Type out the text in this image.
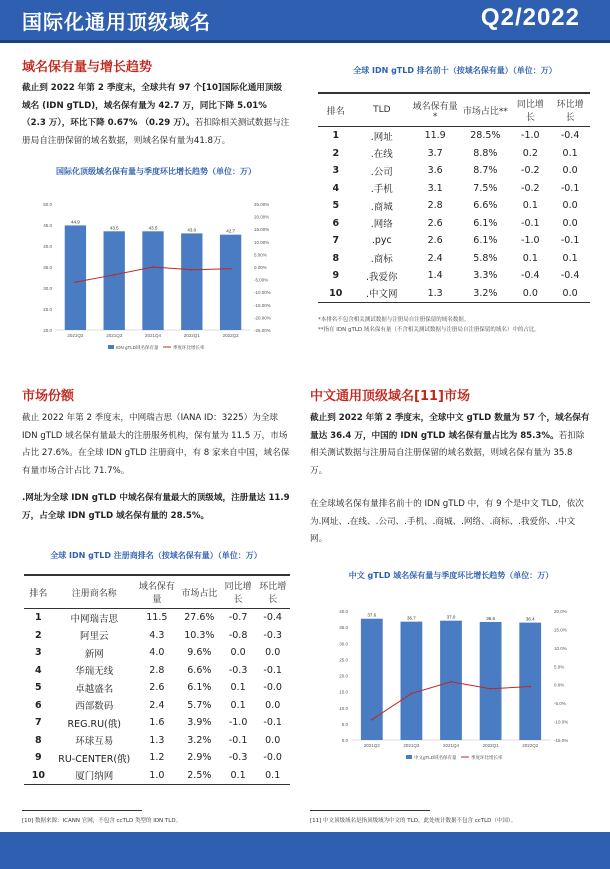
国际化通用顶级域名	Q2/2022
域名保有量与增长趋势
截止到 2022 年第 2 季度末，全球共有 97 个[10]国际化通用顶级域名 (IDN gTLD)，域名保有量为 42.7 万，同比下降 5.01% （2.3 万），环比下降 0.67% （0.29 万）。若扣除相关测试数据与注册局自注册保留的域名数据，则域名保有量为41.8万。
国际化顶级域名保有量与季度环比增长趋势（单位：万）
50.0
45.0
40.0
35.0
30.0
25.0
20.0
25.00%
20.00%
15.00%
10.00%
5.00%
0.00%
-5.00%
-10.00%
-15.00%
-20.00%
-25.00%
44.9
2021Q2
43.5
2021Q3
43.5
2021Q4
43.0
2022Q1
42.7
2022Q2
IDN gTLD域名保有量	季度环比增长率
全球 IDN gTLD 排名前十（按域名保有量）（单位：万）
排名	TLD	域名保有量*	市场占比**	同比增长	环比增长
1	.网址	11.9	28.5%	-1.0	-0.4
2	.在线	3.7	8.8%	0.2	0.1
3	.公司	3.6	8.7%	-0.2	0.0
4	.手机	3.1	7.5%	-0.2	-0.1
5	.商城	2.8	6.6%	0.1	0.0
6	.网络	2.6	6.1%	-0.1	0.0
7	.рус	2.6	6.1%	-1.0	-0.1
8	.商标	2.4	5.8%	0.1	0.1
9	.我爱你	1.4	3.3%	-0.4	-0.4
10	.中文网	1.3	3.2%	0.0	0.0
*本排名不包含相关测试数据与注册局自注册保留的域名数据。
**指在 IDN gTLD 域名保有量（不含相关测试数据与注册局自注册保留的域名）中的占比。
市场份额
截止 2022 年第 2 季度末，中网瑞吉思（IANA ID：3225）为全球 IDN gTLD 域名保有量最大的注册服务机构，保有量为 11.5 万，市场占比 27.6%。在全球 IDN gTLD 注册商中，有 8 家来自中国，域名保有量市场合计占比 71.7%。
.网址为全球 IDN gTLD 中域名保有量最大的顶级域，注册量达 11.9 万，占全球 IDN gTLD 域名保有量的 28.5%。
全球 IDN gTLD 注册商排名（按域名保有量）（单位：万）
排名	注册商名称	域名保有量	市场占比	同比增长	环比增长
1	中网瑞吉思	11.5	27.6%	-0.7	-0.4
2	阿里云	4.3	10.3%	-0.8	-0.3
3	新网	4.0	9.6%	0.0	0.0
4	华瑞无线	2.8	6.6%	-0.3	-0.1
5	卓越盛名	2.6	6.1%	0.1	-0.0
6	西部数码	2.4	5.7%	0.1	0.0
7	REG.RU(俄)	1.6	3.9%	-1.0	-0.1
8	环球互易	1.3	3.2%	-0.1	0.0
9	RU-CENTER(俄)	1.2	2.9%	-0.3	-0.0
10	厦门纳网	1.0	2.5%	0.1	0.1
中文通用顶级域名[11]市场
截止到 2022 年第 2 季度末，全球中文 gTLD 数量为 57 个，域名保有量达 36.4 万，中国的 IDN gTLD 域名保有量占比为 85.3%。若扣除相关测试数据与注册局自注册保留的域名数据，则域名保有量为 35.8 万。
在全球域名保有量排名前十的 IDN gTLD 中，有 9 个是中文 TLD，依次为.网址、.在线、.公司、.手机、.商城、.网络、.商标、.我爱你、.中文网。
中文 gTLD 域名保有量与季度环比增长趋势（单位：万）
40.0
35.0
30.0
25.0
20.0
15.0
10.0
5.0
0.0
20.0%
15.0%
10.0%
5.0%
0.0%
-5.0%
-10.0%
-15.0%
37.6
2021Q2
36.7
2021Q3
37.0
2021Q4
36.6
2022Q1
36.4
2022Q2
中文gTLD域名保有量	季度环比增长率
[10] 数据来源：ICANN 官网，不包含 ccTLD 类型的 IDN TLD。	[11] 中文顶级域名是指顶级域为中文的 TLD，此处统计数据不包含 ccTLD（中国）。
